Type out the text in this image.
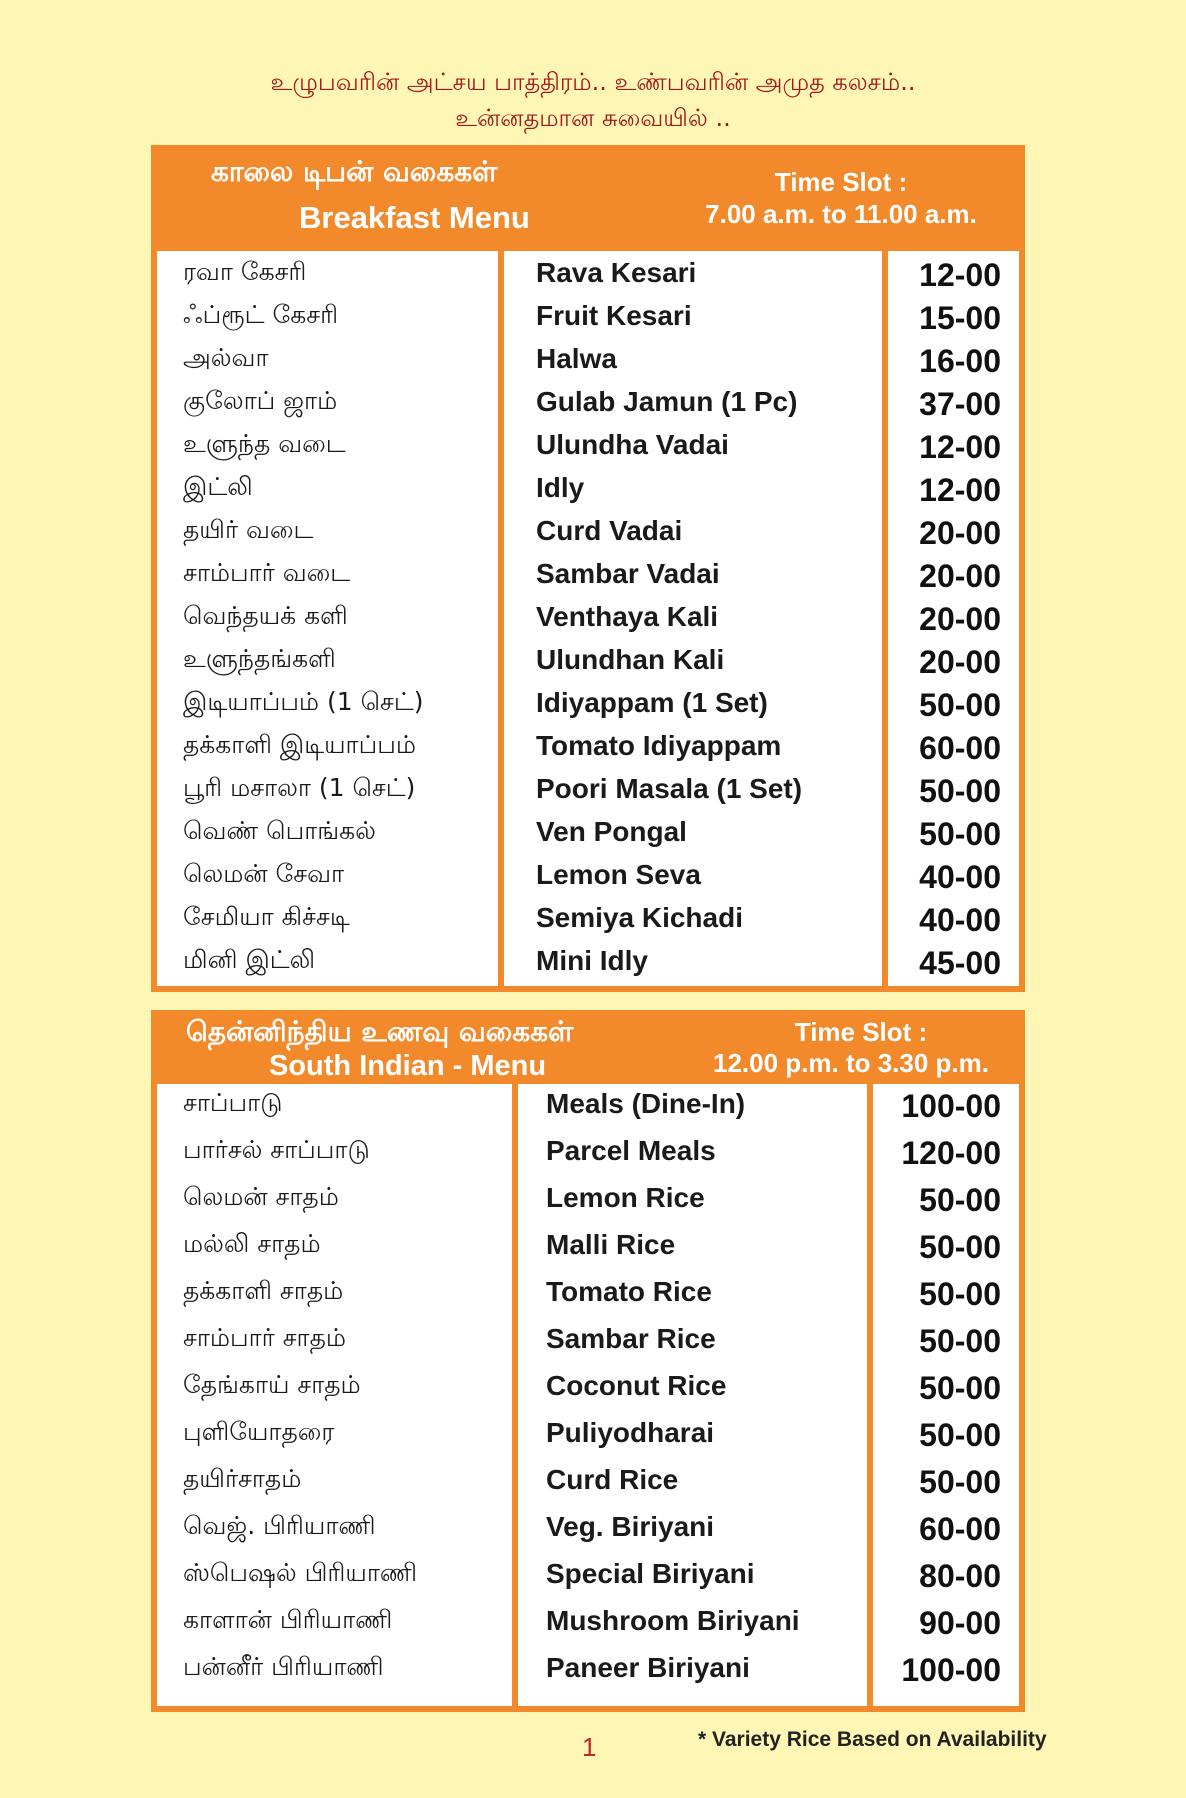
உழுபவரின் அட்சய பாத்திரம்.. உண்பவரின் அமுத கலசம்..
உன்னதமான சுவையில் ..
காலை டிபன் வகைகள்
Breakfast Menu
Time Slot :
7.00 a.m. to 11.00 a.m.
ரவா கேசரி
ஃப்ரூட் கேசரி
அல்வா
குலோப் ஜாம்
உளுந்த வடை
இட்லி
தயிர் வடை
சாம்பார் வடை
வெந்தயக் களி
உளுந்தங்களி
இடியாப்பம் (1 செட்)
தக்காளி இடியாப்பம்
பூரி மசாலா (1 செட்)
வெண் பொங்கல்
லெமன் சேவா
சேமியா கிச்சடி
மினி இட்லி
Rava Kesari
Fruit Kesari
Halwa
Gulab Jamun (1 Pc)
Ulundha Vadai
Idly
Curd Vadai
Sambar Vadai
Venthaya Kali
Ulundhan Kali
Idiyappam (1 Set)
Tomato Idiyappam
Poori Masala (1 Set)
Ven Pongal
Lemon Seva
Semiya Kichadi
Mini Idly
12-00
15-00
16-00
37-00
12-00
12-00
20-00
20-00
20-00
20-00
50-00
60-00
50-00
50-00
40-00
40-00
45-00
தென்னிந்திய உணவு வகைகள்
South Indian - Menu
Time Slot :
12.00 p.m. to 3.30 p.m.
சாப்பாடு
பார்சல் சாப்பாடு
லெமன் சாதம்
மல்லி சாதம்
தக்காளி சாதம்
சாம்பார் சாதம்
தேங்காய் சாதம்
புளியோதரை
தயிர்சாதம்
வெஜ். பிரியாணி
ஸ்பெஷல் பிரியாணி
காளான் பிரியாணி
பன்னீர் பிரியாணி
Meals (Dine-In)
Parcel Meals
Lemon Rice
Malli Rice
Tomato Rice
Sambar Rice
Coconut Rice
Puliyodharai
Curd Rice
Veg. Biriyani
Special Biriyani
Mushroom Biriyani
Paneer Biriyani
100-00
120-00
50-00
50-00
50-00
50-00
50-00
50-00
50-00
60-00
80-00
90-00
100-00
1	* Variety Rice Based on Availability
